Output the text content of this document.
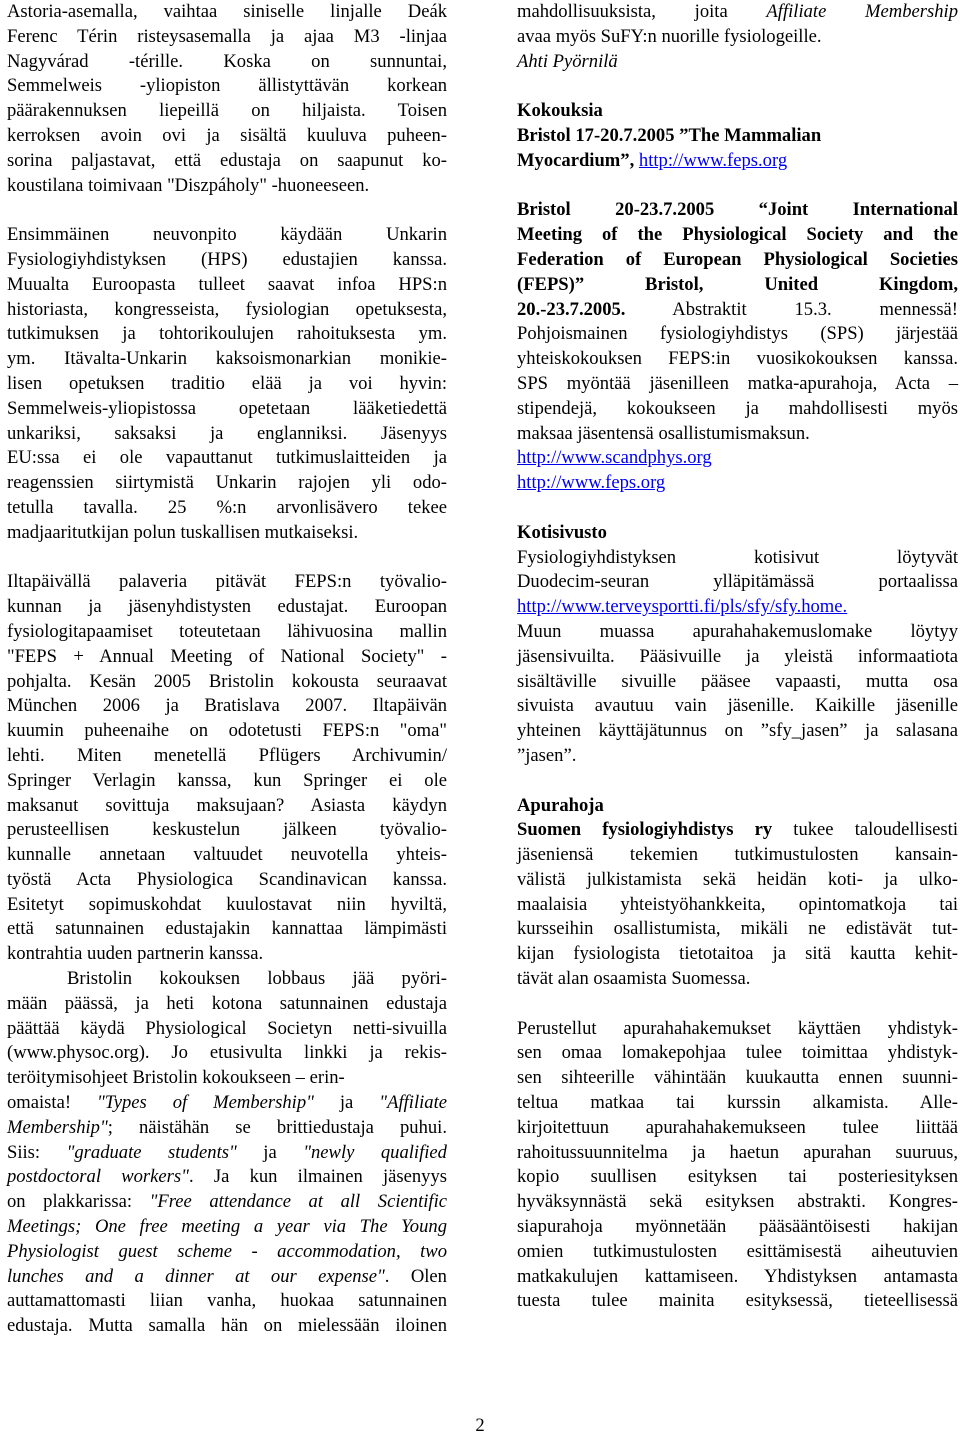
Astoria-asemalla, vaihtaa siniselle linjalle Deák
Ferenc Térin risteysasemalla ja ajaa M3 -linjaa
Nagyvárad -térille. Koska on sunnuntai,
Semmelweis -yliopiston ällistyttävän korkean
päärakennuksen liepeillä on hiljaista. Toisen
kerroksen avoin ovi ja sisältä kuuluva puheen-
sorina paljastavat, että edustaja on saapunut ko-
koustilana toimivaan "Diszpáholy" -huoneeseen.
Ensimmäinen neuvonpito käydään Unkarin
Fysiologiyhdistyksen (HPS) edustajien kanssa.
Muualta Euroopasta tulleet saavat infoa HPS:n
historiasta, kongresseista, fysiologian opetuksesta,
tutkimuksen ja tohtorikoulujen rahoituksesta ym.
ym. Itävalta-Unkarin kaksoismonarkian monikie-
lisen opetuksen traditio elää ja voi hyvin:
Semmelweis-yliopistossa opetetaan lääketiedettä
unkariksi, saksaksi ja englanniksi. Jäsenyys
EU:ssa ei ole vapauttanut tutkimuslaitteiden ja
reagenssien siirtymistä Unkarin rajojen yli odo-
tetulla tavalla. 25 %:n arvonlisävero tekee
madjaaritutkijan polun tuskallisen mutkaiseksi.
Iltapäivällä palaveria pitävät FEPS:n työvalio-
kunnan ja jäsenyhdistysten edustajat. Euroopan
fysiologitapaamiset toteutetaan lähivuosina mallin
"FEPS + Annual Meeting of National Society" -
pohjalta. Kesän 2005 Bristolin kokousta seuraavat
München 2006 ja Bratislava 2007. Iltapäivän
kuumin puheenaihe on odotetusti FEPS:n "oma"
lehti. Miten menetellä Pflügers Archivumin/
Springer Verlagin kanssa, kun Springer ei ole
maksanut sovittuja maksujaan? Asiasta käydyn
perusteellisen keskustelun jälkeen työvalio-
kunnalle annetaan valtuudet neuvotella yhteis-
työstä Acta Physiologica Scandinavican kanssa.
Esitetyt sopimuskohdat kuulostavat niin hyviltä,
että satunnainen edustajakin kannattaa lämpimästi
kontrahtia uuden partnerin kanssa.
Bristolin kokouksen lobbaus jää pyöri-
mään päässä, ja heti kotona satunnainen edustaja
päättää käydä Physiological Societyn netti-sivuilla
(www.physoc.org). Jo etusivulta linkki ja rekis-
teröitymisohjeet Bristolin kokoukseen – erin-
omaista! "Types of Membership" ja "Affiliate
Membership"; näistähän se brittiedustaja puhui.
Siis: "graduate students" ja "newly qualified
postdoctoral workers". Ja kun ilmainen jäsenyys
on plakkarissa: "Free attendance at all Scientific
Meetings; One free meeting a year via The Young
Physiologist guest scheme - accommodation, two
lunches and a dinner at our expense". Olen
auttamattomasti liian vanha, huokaa satunnainen
edustaja. Mutta samalla hän on mielessään iloinen
mahdollisuuksista, joita Affiliate Membership
avaa myös SuFY:n nuorille fysiologeille.
Ahti Pyörnilä
Kokouksia
Bristol 17-20.7.2005 ”The Mammalian
Myocardium”, http://www.feps.org
Bristol 20-23.7.2005 “Joint International
Meeting of the Physiological Society and the
Federation of European Physiological Societies
(FEPS)” Bristol, United Kingdom,
20.-23.7.2005. Abstraktit 15.3. mennessä!
Pohjoismainen fysiologiyhdistys (SPS) järjestää
yhteiskokouksen FEPS:in vuosikokouksen kanssa.
SPS myöntää jäsenilleen matka-apurahoja, Acta –
stipendejä, kokoukseen ja mahdollisesti myös
maksaa jäsentensä osallistumismaksun.
http://www.scandphys.org
http://www.feps.org
Kotisivusto
Fysiologiyhdistyksen kotisivut löytyvät
Duodecim-seuran ylläpitämässä portaalissa
http://www.terveysportti.fi/pls/sfy/sfy.home.
Muun muassa apurahahakemuslomake löytyy
jäsensivuilta. Pääsivuille ja yleistä informaatiota
sisältäville sivuille pääsee vapaasti, mutta osa
sivuista avautuu vain jäsenille. Kaikille jäsenille
yhteinen käyttäjätunnus on ”sfy_jasen” ja salasana
”jasen”.
Apurahoja
Suomen fysiologiyhdistys ry tukee taloudellisesti
jäseniensä tekemien tutkimustulosten kansain-
välistä julkistamista sekä heidän koti- ja ulko-
maalaisia yhteistyöhankkeita, opintomatkoja tai
kursseihin osallistumista, mikäli ne edistävät tut-
kijan fysiologista tietotaitoa ja sitä kautta kehit-
tävät alan osaamista Suomessa.
Perustellut apurahahakemukset käyttäen yhdistyk-
sen omaa lomakepohjaa tulee toimittaa yhdistyk-
sen sihteerille vähintään kuukautta ennen suunni-
teltua matkaa tai kurssin alkamista. Alle-
kirjoitettuun apurahahakemukseen tulee liittää
rahoitussuunnitelma ja haetun apurahan suuruus,
kopio suullisen esityksen tai posteriesityksen
hyväksynnästä sekä esityksen abstrakti. Kongres-
siapurahoja myönnetään pääsääntöisesti hakijan
omien tutkimustulosten esittämisestä aiheutuvien
matkakulujen kattamiseen. Yhdistyksen antamasta
tuesta tulee mainita esityksessä, tieteellisessä
2
